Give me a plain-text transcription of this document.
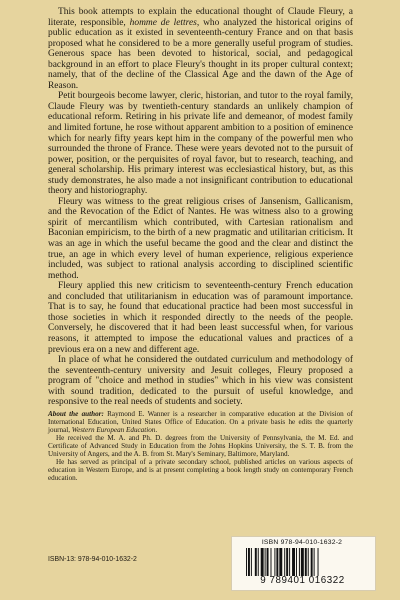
This book attempts to explain the educational thought of Claude Fleury, a literate, responsible, homme de lettres, who analyzed the historical origins of public education as it existed in seventeenth-century France and on that basis proposed what he considered to be a more generally useful program of studies. Generous space has been devoted to historical, social, and pedagogical background in an effort to place Fleury's thought in its proper cultural context; namely, that of the decline of the Classical Age and the dawn of the Age of Reason.

Petit bourgeois become lawyer, cleric, historian, and tutor to the royal family, Claude Fleury was by twentieth-century standards an unlikely champion of educational reform. Retiring in his private life and demeanor, of modest family and limited fortune, he rose without apparent ambition to a position of eminence which for nearly fifty years kept him in the company of the powerful men who surrounded the throne of France. These were years devoted not to the pursuit of power, position, or the perquisites of royal favor, but to research, teaching, and general scholarship. His primary interest was ecclesiastical history, but, as this study demonstrates, he also made a not insignificant contribution to educational theory and historiography.

Fleury was witness to the great religious crises of Jansenism, Gallicanism, and the Revocation of the Edict of Nantes. He was witness also to a growing spirit of mercantilism which contributed, with Cartesian rationalism and Baconian empiricism, to the birth of a new pragmatic and utilitarian criticism. It was an age in which the useful became the good and the clear and distinct the true, an age in which every level of human experience, religious experience included, was subject to rational analysis according to disciplined scientific method.

Fleury applied this new criticism to seventeenth-century French education and concluded that utilitarianism in education was of paramount importance. That is to say, he found that educational practice had been most successful in those societies in which it responded directly to the needs of the people. Conversely, he discovered that it had been least successful when, for various reasons, it attempted to impose the educational values and practices of a previous era on a new and different age.

In place of what he considered the outdated curriculum and methodology of the seventeenth-century university and Jesuit colleges, Fleury proposed a program of "choice and method in studies" which in his view was consistent with sound tradition, dedicated to the pursuit of useful knowledge, and responsive to the real needs of students and society.

About the author: Raymond E. Wanner is a researcher in comparative education at the Division of International Education, United States Office of Education. On a private basis he edits the quarterly journal, Western European Education.

He received the M. A. and Ph. D. degrees from the University of Pennsylvania, the M. Ed. and Certificate of Advanced Study in Education from the Johns Hopkins University, the S. T. B. from the University of Angers, and the A. B. from St. Mary's Seminary, Baltimore, Maryland.

He has served as principal of a private secondary school, published articles on various aspects of education in Western Europe, and is at present completing a book length study on contemporary French education.

ISBN-13: 978-94-010-1632-2
ISBN 978-94-010-1632-2
9 789401 016322
